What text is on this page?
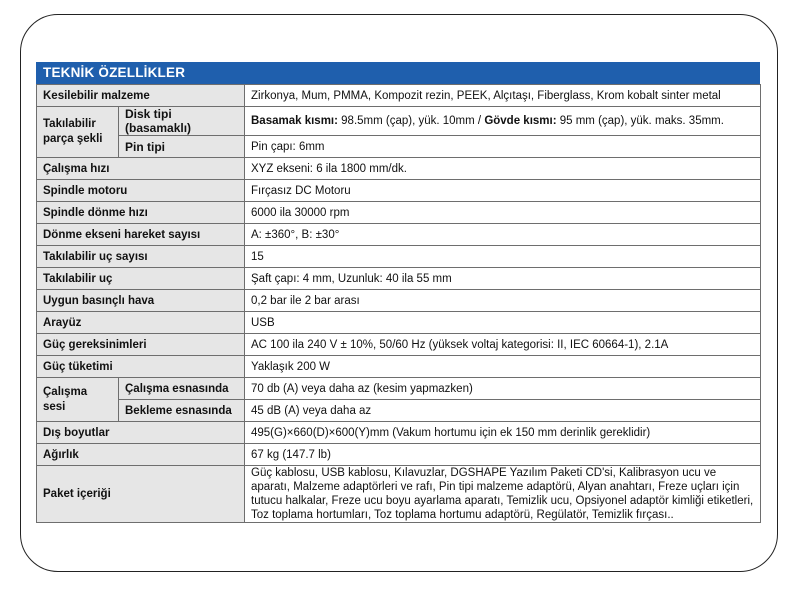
TEKNİK ÖZELLİKLER
Kesilebilir malzeme		Zirkonya, Mum, PMMA, Kompozit rezin, PEEK, Alçıtaşı, Fiberglass, Krom kobalt sinter metal
Takılabilir parça şekli	Disk tipi (basamaklı)	Basamak kısmı: 98.5mm (çap), yük. 10mm / Gövde kısmı: 95 mm (çap), yük. maks. 35mm.
	Pin tipi	Pin çapı: 6mm
Çalışma hızı		XYZ ekseni: 6 ila 1800 mm/dk.
Spindle motoru		Fırçasız DC Motoru
Spindle dönme hızı		6000 ila 30000 rpm
Dönme ekseni hareket sayısı		A: ±360°, B: ±30°
Takılabilir uç sayısı		15
Takılabilir uç		Şaft çapı: 4 mm, Uzunluk: 40 ila 55 mm
Uygun basınçlı hava		0,2 bar ile 2 bar arası
Arayüz		USB
Güç gereksinimleri		AC 100 ila 240 V ± 10%, 50/60 Hz (yüksek voltaj kategorisi: II, IEC 60664-1), 2.1A
Güç tüketimi		Yaklaşık 200 W
Çalışma sesi	Çalışma esnasında	70 db (A) veya daha az (kesim yapmazken)
	Bekleme esnasında	45 dB (A) veya daha az
Dış boyutlar		495(G)×660(D)×600(Y)mm (Vakum hortumu için ek 150 mm derinlik gereklidir)
Ağırlık		67 kg (147.7 lb)
Paket içeriği		Güç kablosu, USB kablosu, Kılavuzlar, DGSHAPE Yazılım Paketi CD'si, Kalibrasyon ucu ve aparatı, Malzeme adaptörleri ve rafı, Pin tipi malzeme adaptörü, Alyan anahtarı, Freze uçları için tutucu halkalar, Freze ucu boyu ayarlama aparatı, Temizlik ucu, Opsiyonel adaptör kimliği etiketleri, Toz toplama hortumları, Toz toplama hortumu adaptörü, Regülatör, Temizlik fırçası..
